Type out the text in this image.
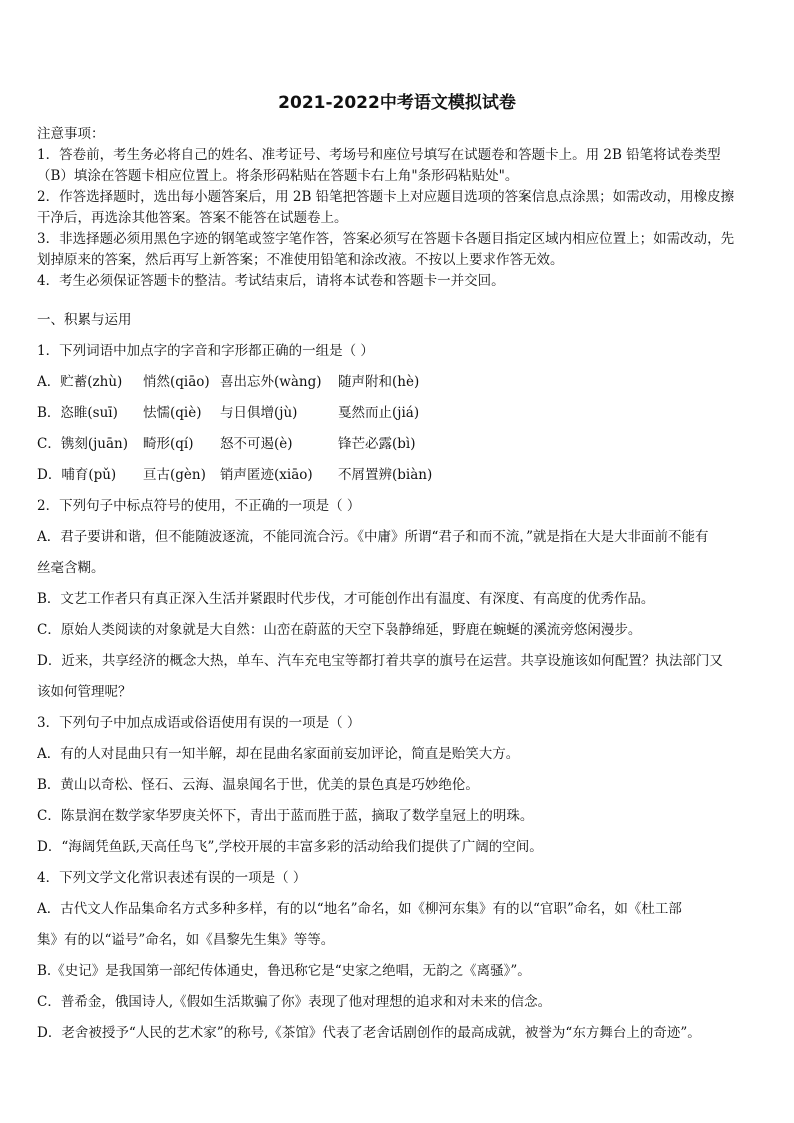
2021-2022中考语文模拟试卷
注意事项：
1．答卷前，考生务必将自己的姓名、准考证号、考场号和座位号填写在试题卷和答题卡上。用 2B 铅笔将试卷类型
（B）填涂在答题卡相应位置上。将条形码粘贴在答题卡右上角"条形码粘贴处"。
2．作答选择题时，选出每小题答案后，用 2B 铅笔把答题卡上对应题目选项的答案信息点涂黑；如需改动，用橡皮擦
干净后，再选涂其他答案。答案不能答在试题卷上。
3．非选择题必须用黑色字迹的钢笔或签字笔作答，答案必须写在答题卡各题目指定区域内相应位置上；如需改动，先
划掉原来的答案，然后再写上新答案；不准使用铅笔和涂改液。不按以上要求作答无效。
4．考生必须保证答题卡的整洁。考试结束后，请将本试卷和答题卡一并交回。
一、积累与运用
1．下列词语中加点字的字音和字形都正确的一组是（ ）
A．贮蓄(zhù) 悄然(qiāo) 喜出忘外(wàng) 随声附和(hè)
B．恣睢(suī) 怯懦(qiè) 与日俱增(jù)	戛然而止(jiá)
C．镌刻(juān) 畸形(qí) 怒不可遏(è)	锋芒必露(bì)
D．哺育(pǔ) 亘古(gèn) 销声匿迹(xiāo) 不屑置辨(biàn)
2．下列句子中标点符号的使用，不正确的一项是（ ）
A．君子要讲和谐，但不能随波逐流，不能同流合污。《中庸》所谓“君子和而不流，”就是指在大是大非面前不能有
丝毫含糊。
B．文艺工作者只有真正深入生活并紧跟时代步伐，才可能创作出有温度、有深度、有高度的优秀作品。
C．原始人类阅读的对象就是大自然：山峦在蔚蓝的天空下袅静绵延，野鹿在蜿蜒的溪流旁悠闲漫步。
D．近来，共享经济的概念大热，单车、汽车充电宝等都打着共享的旗号在运营。共享设施该如何配置？执法部门又
该如何管理呢？
3．下列句子中加点成语或俗语使用有误的一项是（ ）
A．有的人对昆曲只有一知半解，却在昆曲名家面前妄加评论，简直是贻笑大方。
B．黄山以奇松、怪石、云海、温泉闻名于世，优美的景色真是巧妙绝伦。
C．陈景润在数学家华罗庚关怀下，青出于蓝而胜于蓝，摘取了数学皇冠上的明珠。
D．“海阔凭鱼跃,天高任鸟飞”,学校开展的丰富多彩的活动给我们提供了广阔的空间。
4．下列文学文化常识表述有误的一项是（ ）
A．古代文人作品集命名方式多种多样，有的以“地名”命名，如《柳河东集》有的以“官职”命名，如《杜工部
集》有的以“谥号”命名，如《昌黎先生集》等等。
B.《史记》是我国第一部纪传体通史，鲁迅称它是“史家之绝唱，无韵之《离骚》”。
C．普希金，俄国诗人,《假如生活欺骗了你》表现了他对理想的追求和对未来的信念。
D．老舍被授予“人民的艺术家”的称号,《茶馆》代表了老舍话剧创作的最高成就，被誉为“东方舞台上的奇迹”。
